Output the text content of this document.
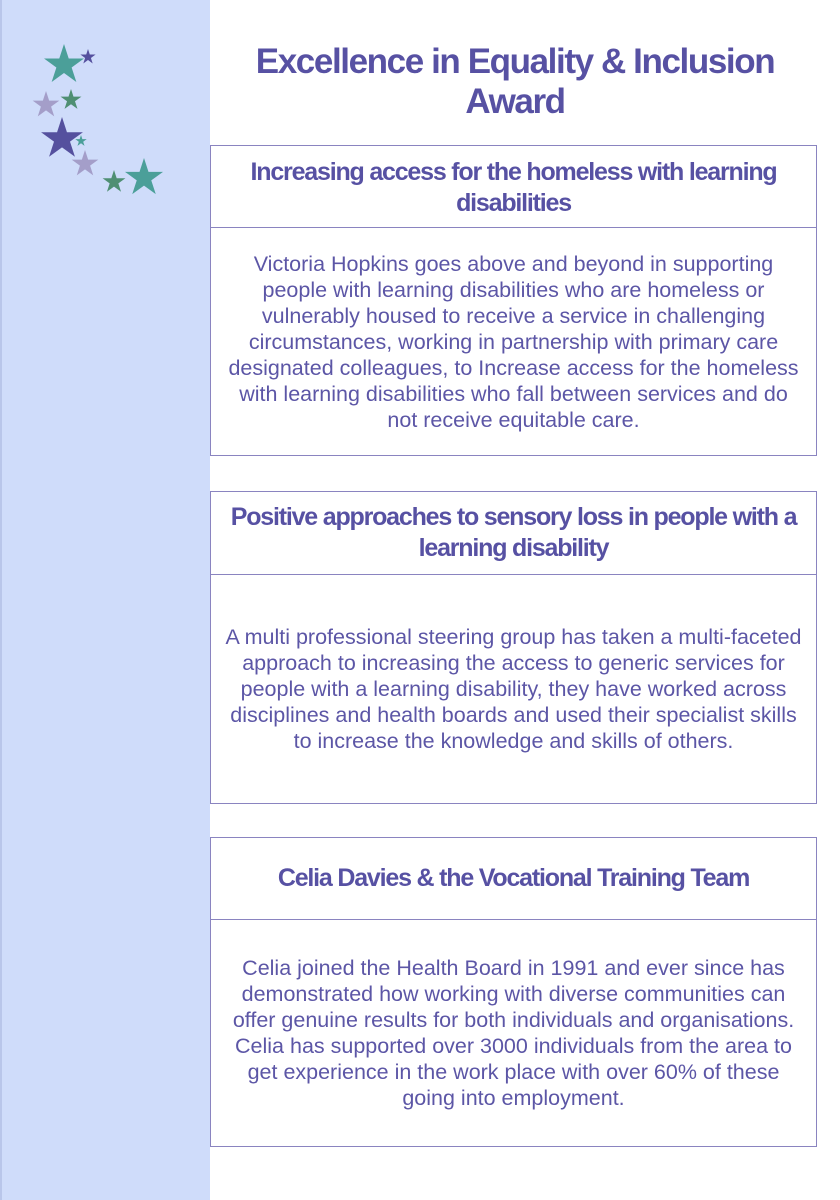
Excellence in Equality & Inclusion Award
Increasing access for the homeless with learning disabilities

Victoria Hopkins goes above and beyond in supporting people with learning disabilities who are homeless or vulnerably housed to receive a service in challenging circumstances, working in partnership with primary care designated colleagues, to Increase access for the homeless with learning disabilities who fall between services and do not receive equitable care.

Positive approaches to sensory loss in people with a learning disability

A multi professional steering group has taken a multi-faceted approach to increasing the access to generic services for people with a learning disability, they have worked across disciplines and health boards and used their specialist skills to increase the knowledge and skills of others.

Celia Davies & the Vocational Training Team

Celia joined the Health Board in 1991 and ever since has demonstrated how working with diverse communities can offer genuine results for both individuals and organisations. Celia has supported over 3000 individuals from the area to get experience in the work place with over 60% of these going into employment.
